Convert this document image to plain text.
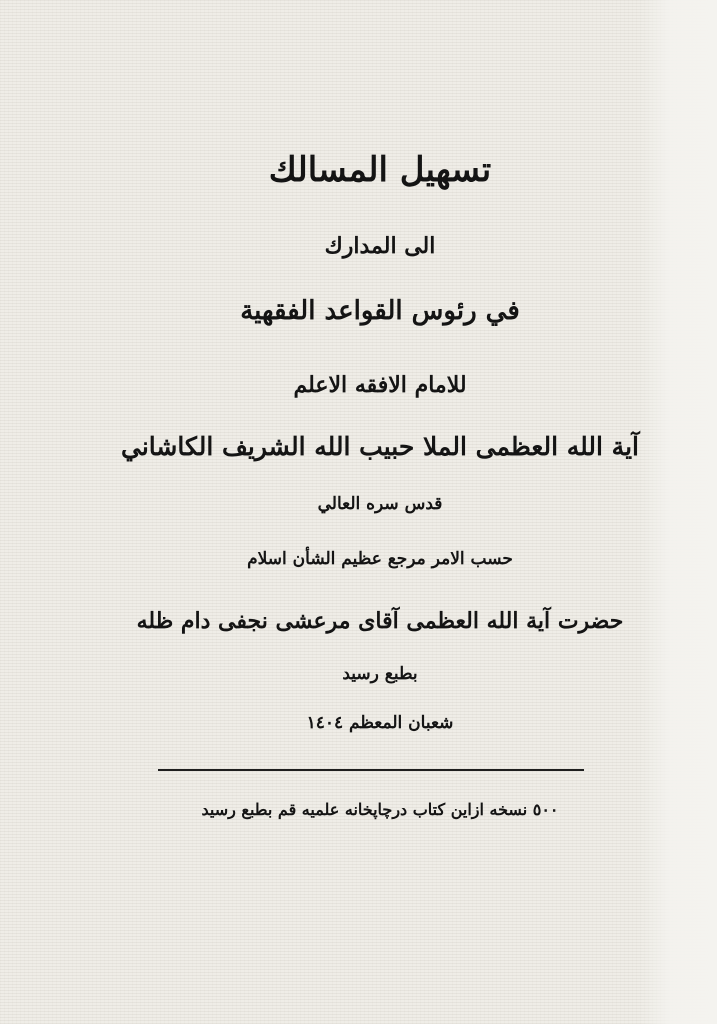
تسهيل المسالك
الى المدارك
في رئوس القواعد الفقهية
للامام الافقه الاعلم
آية الله العظمى الملا حبيب الله الشريف الكاشاني
قدس سره العالي
حسب الامر مرجع عظيم الشأن اسلام
حضرت آية الله العظمى آقاى مرعشى نجفى دام ظله
بطبع رسيد
شعبان المعظم ١٤٠٤
٥٠٠ نسخه ازاين كتاب درچاپخانه علميه قم بطبع رسيد
